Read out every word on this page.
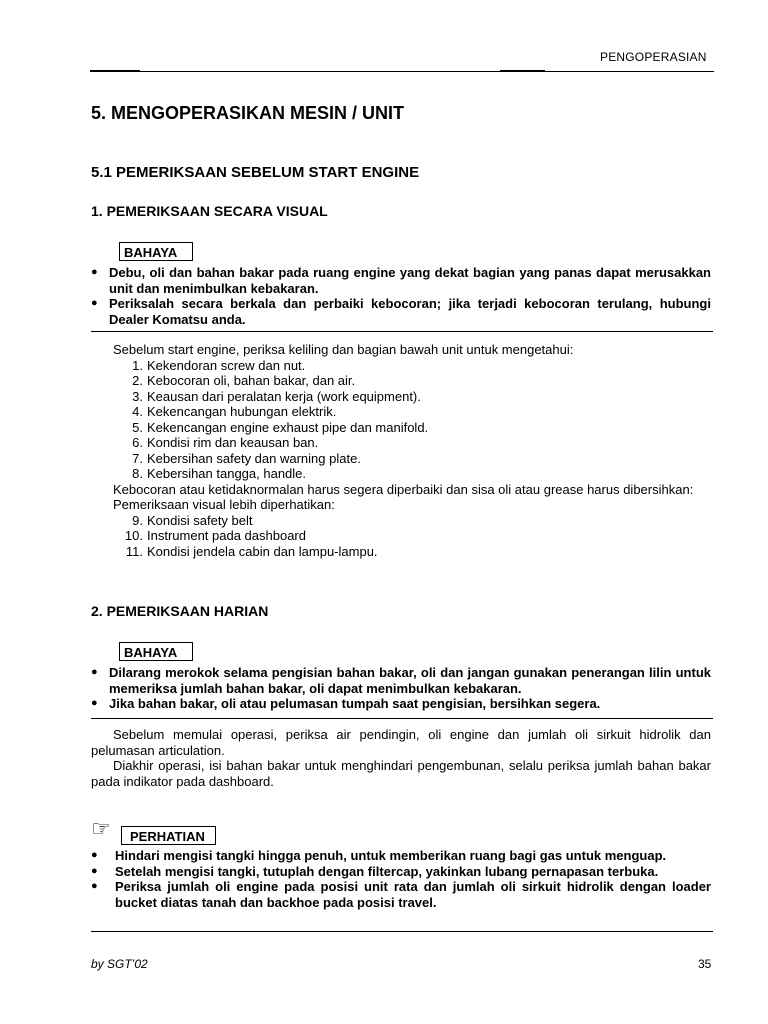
PENGOPERASIAN
5. MENGOPERASIKAN MESIN / UNIT
5.1 PEMERIKSAAN SEBELUM START ENGINE
1. PEMERIKSAAN SECARA VISUAL
BAHAYA
● Debu, oli dan bahan bakar pada ruang engine yang dekat bagian yang panas dapat merusakkan unit dan menimbulkan kebakaran.
● Periksalah secara berkala dan perbaiki kebocoran; jika terjadi kebocoran terulang, hubungi Dealer Komatsu anda.

Sebelum start engine, periksa keliling dan bagian bawah unit untuk mengetahui:

1. Kekendoran screw dan nut.
2. Kebocoran oli, bahan bakar, dan air.
3. Keausan dari peralatan kerja (work equipment).
4. Kekencangan hubungan elektrik.
5. Kekencangan engine exhaust pipe dan manifold.
6. Kondisi rim dan keausan ban.
7. Kebersihan safety dan warning plate.
8. Kebersihan tangga, handle.

Kebocoran atau ketidaknormalan harus segera diperbaiki dan sisa oli atau grease harus dibersihkan:

Pemeriksaan visual lebih diperhatikan:

9. Kondisi safety belt
10. Instrument pada dashboard
11. Kondisi jendela cabin dan lampu-lampu.
2. PEMERIKSAAN HARIAN
BAHAYA
● Dilarang merokok selama pengisian bahan bakar, oli dan jangan gunakan penerangan lilin untuk memeriksa jumlah bahan bakar, oli dapat menimbulkan kebakaran.
● Jika bahan bakar, oli atau pelumasan tumpah saat pengisian, bersihkan segera.

Sebelum memulai operasi, periksa air pendingin, oli engine dan jumlah oli sirkuit hidrolik dan pelumasan articulation.

Diakhir operasi, isi bahan bakar untuk menghindari pengembunan, selalu periksa jumlah bahan bakar pada indikator pada dashboard.

☞	PERHATIAN
● Hindari mengisi tangki hingga penuh, untuk memberikan ruang bagi gas untuk menguap.
● Setelah mengisi tangki, tutuplah dengan filtercap, yakinkan lubang pernapasan terbuka.
● Periksa jumlah oli engine pada posisi unit rata dan jumlah oli sirkuit hidrolik dengan loader bucket diatas tanah dan backhoe pada posisi travel.
by SGT’02	35
